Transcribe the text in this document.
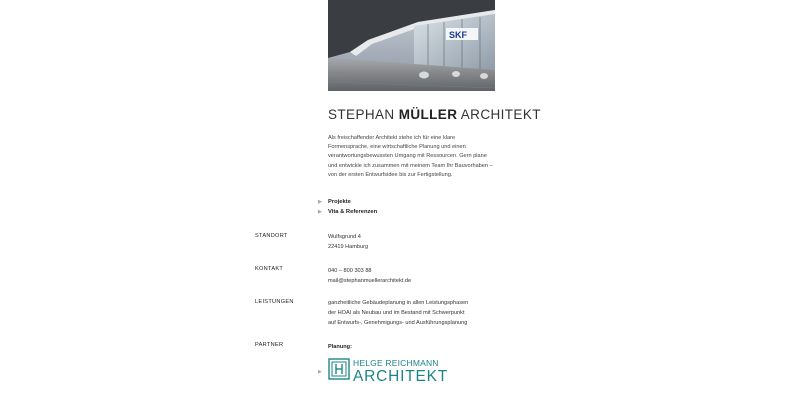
SKF
STEPHAN MÜLLER ARCHITEKT
Als freischaffender Architekt stehe ich für eine klare Formensprache, eine wirtschaftliche Planung und einen verantwortungsbewussten Umgang mit Ressourcen. Gern plane und entwickle ich zusammen mit meinem Team Ihr Bauvorhaben – von der ersten Entwurfsidee bis zur Fertigstellung.
▶	Projekte
▶	Vita & Referenzen
STANDORT	Wulfsgrund 4
22419 Hamburg
KONTAKT	040 – 800 303 88
mail@stephanmuellerarchitekt.de
LEISTUNGEN	ganzheitliche Gebäudeplanung in allen Leistungsphasen
der HOAI als Neubau und im Bestand mit Schwerpunkt
auf Entwurfs-, Genehmigungs- und Ausführungsplanung
PARTNER	Planung:
▶
HELGE REICHMANN
ARCHITEKT
